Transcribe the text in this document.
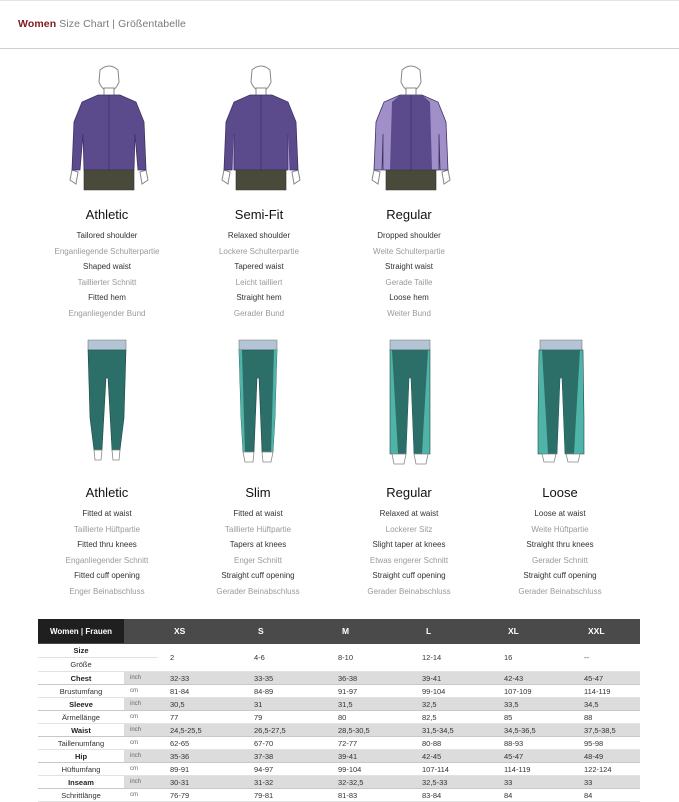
Women Size Chart | Größentabelle
Athletic
Tailored shoulder
Enganliegende Schulterpartie
Shaped waist
Taillierter Schnitt
Fitted hem
Enganliegender Bund
Semi-Fit
Relaxed shoulder
Lockere Schulterpartie
Tapered waist
Leicht tailliert
Straight hem
Gerader Bund
Regular
Dropped shoulder
Weite Schulterpartie
Straight waist
Gerade Taille
Loose hem
Weiter Bund
Athletic
Fitted at waist
Taillierte Hüftpartie
Fitted thru knees
Enganliegender Schnitt
Fitted cuff opening
Enger Beinabschluss
Slim
Fitted at waist
Taillierte Hüftpartie
Tapers at knees
Enger Schnitt
Straight cuff opening
Gerader Beinabschluss
Regular
Relaxed at waist
Lockerer Sitz
Slight taper at knees
Etwas engerer Schnitt
Straight cuff opening
Gerader Beinabschluss
Loose
Loose at waist
Weite Hüftpartie
Straight thru knees
Gerader Schnitt
Straight cuff opening
Gerader Beinabschluss
Women | Frauen		XS	S	M	L	XL	XXL
Size		2	4-6	8-10	12-14	16	--
Größe							
Chest	inch	32-33	33-35	36-38	39-41	42-43	45-47
Brustumfang	cm	81-84	84-89	91-97	99-104	107-109	114-119
Sleeve	inch	30,5	31	31,5	32,5	33,5	34,5
Ärmellänge	cm	77	79	80	82,5	85	88
Waist	inch	24,5-25,5	26,5-27,5	28,5-30,5	31,5-34,5	34,5-36,5	37,5-38,5
Taillenumfang	cm	62-65	67-70	72-77	80-88	88-93	95-98
Hip	inch	35-36	37-38	39-41	42-45	45-47	48-49
Hüftumfang	cm	89-91	94-97	99-104	107-114	114-119	122-124
Inseam	inch	30-31	31-32	32-32,5	32,5-33	33	33
Schrittlänge	cm	76-79	79-81	81-83	83-84	84	84
